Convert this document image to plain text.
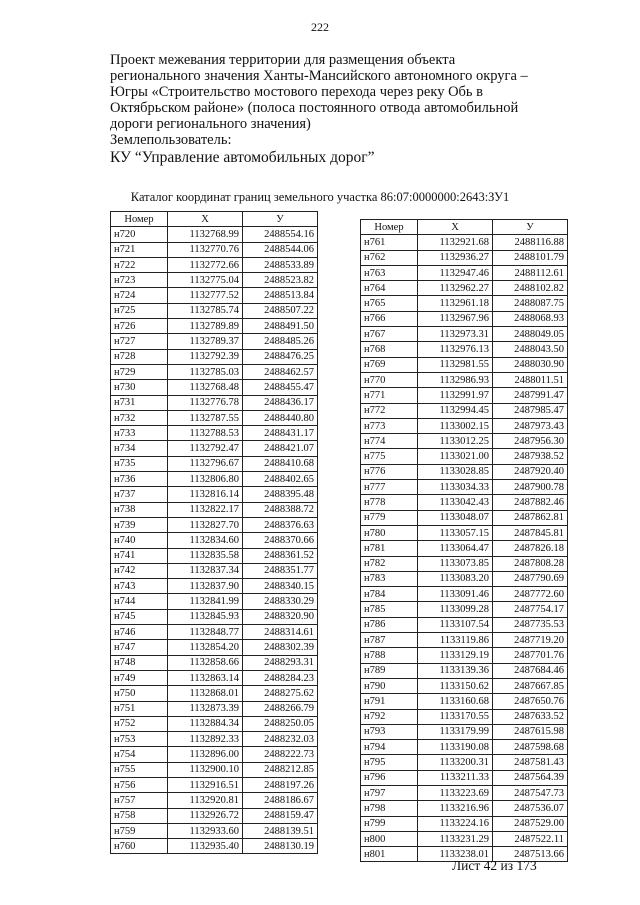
222
Проект межевания территории для размещения объекта
регионального значения Ханты-Мансийского автономного округа –
Югры «Строительство мостового перехода через реку Обь в
Октябрьском районе» (полоса постоянного отвода автомобильной
дороги регионального значения)
Землепользователь:
КУ “Управление автомобильных дорог”
Каталог координат границ земельного участка 86:07:0000000:2643:ЗУ1
Номер	X	У
н720	1132768.99	2488554.16
н721	1132770.76	2488544.06
н722	1132772.66	2488533.89
н723	1132775.04	2488523.82
н724	1132777.52	2488513.84
н725	1132785.74	2488507.22
н726	1132789.89	2488491.50
н727	1132789.37	2488485.26
н728	1132792.39	2488476.25
н729	1132785.03	2488462.57
н730	1132768.48	2488455.47
н731	1132776.78	2488436.17
н732	1132787.55	2488440.80
н733	1132788.53	2488431.17
н734	1132792.47	2488421.07
н735	1132796.67	2488410.68
н736	1132806.80	2488402.65
н737	1132816.14	2488395.48
н738	1132822.17	2488388.72
н739	1132827.70	2488376.63
н740	1132834.60	2488370.66
н741	1132835.58	2488361.52
н742	1132837.34	2488351.77
н743	1132837.90	2488340.15
н744	1132841.99	2488330.29
н745	1132845.93	2488320.90
н746	1132848.77	2488314.61
н747	1132854.20	2488302.39
н748	1132858.66	2488293.31
н749	1132863.14	2488284.23
н750	1132868.01	2488275.62
н751	1132873.39	2488266.79
н752	1132884.34	2488250.05
н753	1132892.33	2488232.03
н754	1132896.00	2488222.73
н755	1132900.10	2488212.85
н756	1132916.51	2488197.26
н757	1132920.81	2488186.67
н758	1132926.72	2488159.47
н759	1132933.60	2488139.51
н760	1132935.40	2488130.19
Номер	X	У
н761	1132921.68	2488116.88
н762	1132936.27	2488101.79
н763	1132947.46	2488112.61
н764	1132962.27	2488102.82
н765	1132961.18	2488087.75
н766	1132967.96	2488068.93
н767	1132973.31	2488049.05
н768	1132976.13	2488043.50
н769	1132981.55	2488030.90
н770	1132986.93	2488011.51
н771	1132991.97	2487991.47
н772	1132994.45	2487985.47
н773	1133002.15	2487973.43
н774	1133012.25	2487956.30
н775	1133021.00	2487938.52
н776	1133028.85	2487920.40
н777	1133034.33	2487900.78
н778	1133042.43	2487882.46
н779	1133048.07	2487862.81
н780	1133057.15	2487845.81
н781	1133064.47	2487826.18
н782	1133073.85	2487808.28
н783	1133083.20	2487790.69
н784	1133091.46	2487772.60
н785	1133099.28	2487754.17
н786	1133107.54	2487735.53
н787	1133119.86	2487719.20
н788	1133129.19	2487701.76
н789	1133139.36	2487684.46
н790	1133150.62	2487667.85
н791	1133160.68	2487650.76
н792	1133170.55	2487633.52
н793	1133179.99	2487615.98
н794	1133190.08	2487598.68
н795	1133200.31	2487581.43
н796	1133211.33	2487564.39
н797	1133223.69	2487547.73
н798	1133216.96	2487536.07
н799	1133224.16	2487529.00
н800	1133231.29	2487522.11
н801	1133238.01	2487513.66
Лист 42 из 173
